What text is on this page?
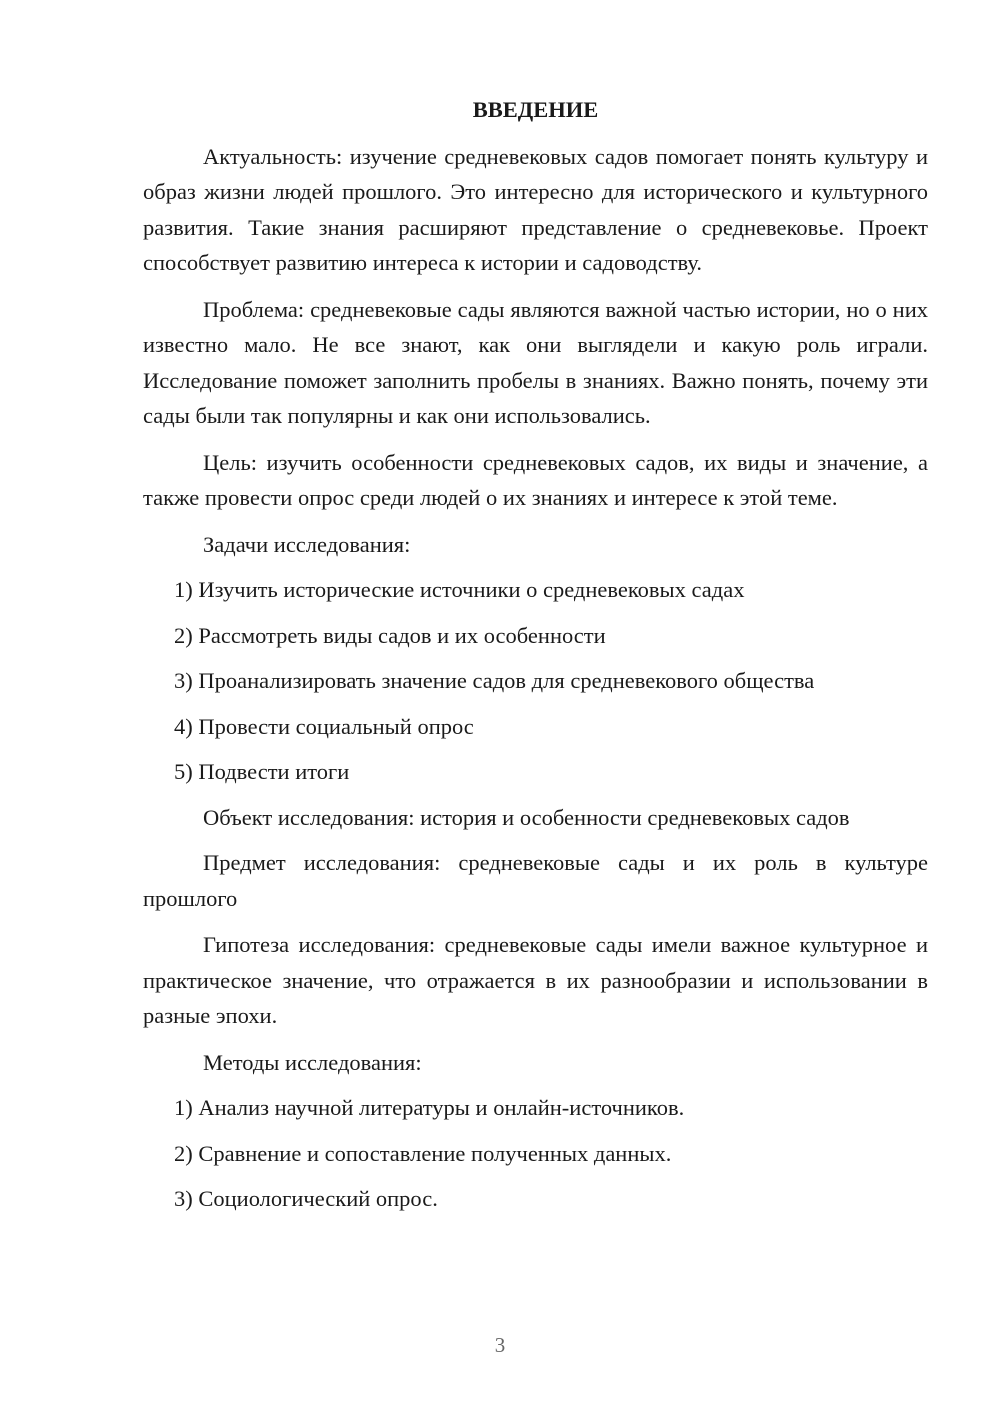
ВВЕДЕНИЕ

Актуальность: изучение средневековых садов помогает понять культуру и образ жизни людей прошлого. Это интересно для исторического и культурного развития. Такие знания расширяют представление о средневековье. Проект способствует развитию интереса к истории и садоводству.

Проблема: средневековые сады являются важной частью истории, но о них известно мало. Не все знают, как они выглядели и какую роль играли. Исследование поможет заполнить пробелы в знаниях. Важно понять, почему эти сады были так популярны и как они использовались.

Цель: изучить особенности средневековых садов, их виды и значение, а также провести опрос среди людей о их знаниях и интересе к этой теме.

Задачи исследования:

1) Изучить исторические источники о средневековых садах
2) Рассмотреть виды садов и их особенности
3) Проанализировать значение садов для средневекового общества
4) Провести социальный опрос
5) Подвести итоги

Объект исследования: история и особенности средневековых садов

Предмет исследования: средневековые сады и их роль в культуре прошлого

Гипотеза исследования: средневековые сады имели важное культурное и практическое значение, что отражается в их разнообразии и использовании в разные эпохи.

Методы исследования:

1) Анализ научной литературы и онлайн-источников.
2) Сравнение и сопоставление полученных данных.
3) Социологический опрос.
3
